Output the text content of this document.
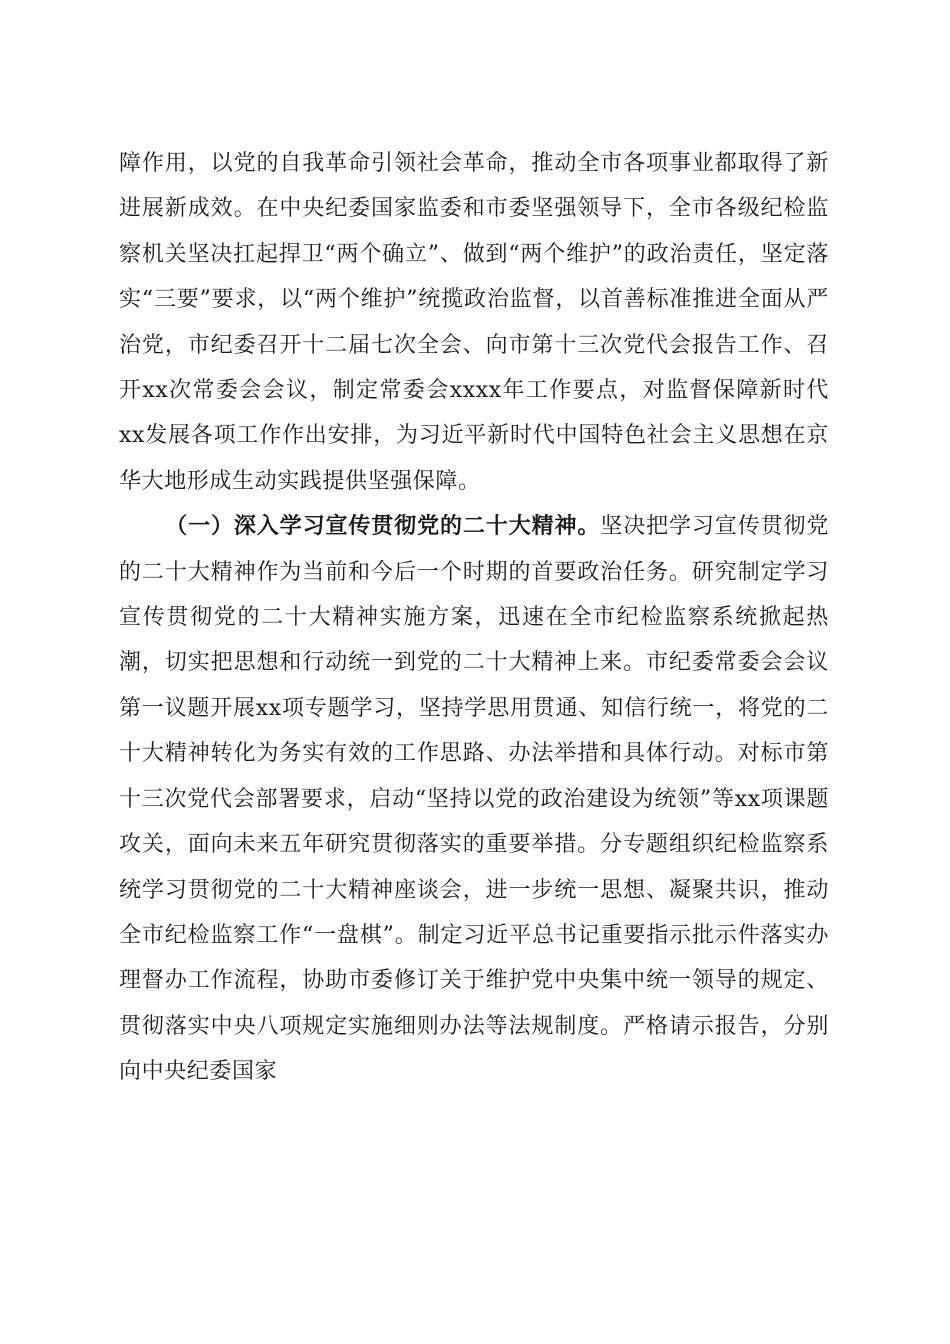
障作用，以党的自我革命引领社会革命，推动全市各项事业都取得了新进展新成效。在中央纪委国家监委和市委坚强领导下，全市各级纪检监察机关坚决扛起捍卫“两个确立”、做到“两个维护”的政治责任，坚定落实“三要”要求，以“两个维护”统揽政治监督，以首善标准推进全面从严治党，市纪委召开十二届七次全会、向市第十三次党代会报告工作、召开xx次常委会会议，制定常委会xxxx年工作要点，对监督保障新时代xx发展各项工作作出安排，为习近平新时代中国特色社会主义思想在京华大地形成生动实践提供坚强保障。

（一）深入学习宣传贯彻党的二十大精神。坚决把学习宣传贯彻党的二十大精神作为当前和今后一个时期的首要政治任务。研究制定学习宣传贯彻党的二十大精神实施方案，迅速在全市纪检监察系统掀起热潮，切实把思想和行动统一到党的二十大精神上来。市纪委常委会会议第一议题开展xx项专题学习，坚持学思用贯通、知信行统一，将党的二十大精神转化为务实有效的工作思路、办法举措和具体行动。对标市第十三次党代会部署要求，启动“坚持以党的政治建设为统领”等xx项课题攻关，面向未来五年研究贯彻落实的重要举措。分专题组织纪检监察系统学习贯彻党的二十大精神座谈会，进一步统一思想、凝聚共识，推动全市纪检监察工作“一盘棋”。制定习近平总书记重要指示批示件落实办理督办工作流程，协助市委修订关于维护党中央集中统一领导的规定、贯彻落实中央八项规定实施细则办法等法规制度。严格请示报告，分别向中央纪委国家
